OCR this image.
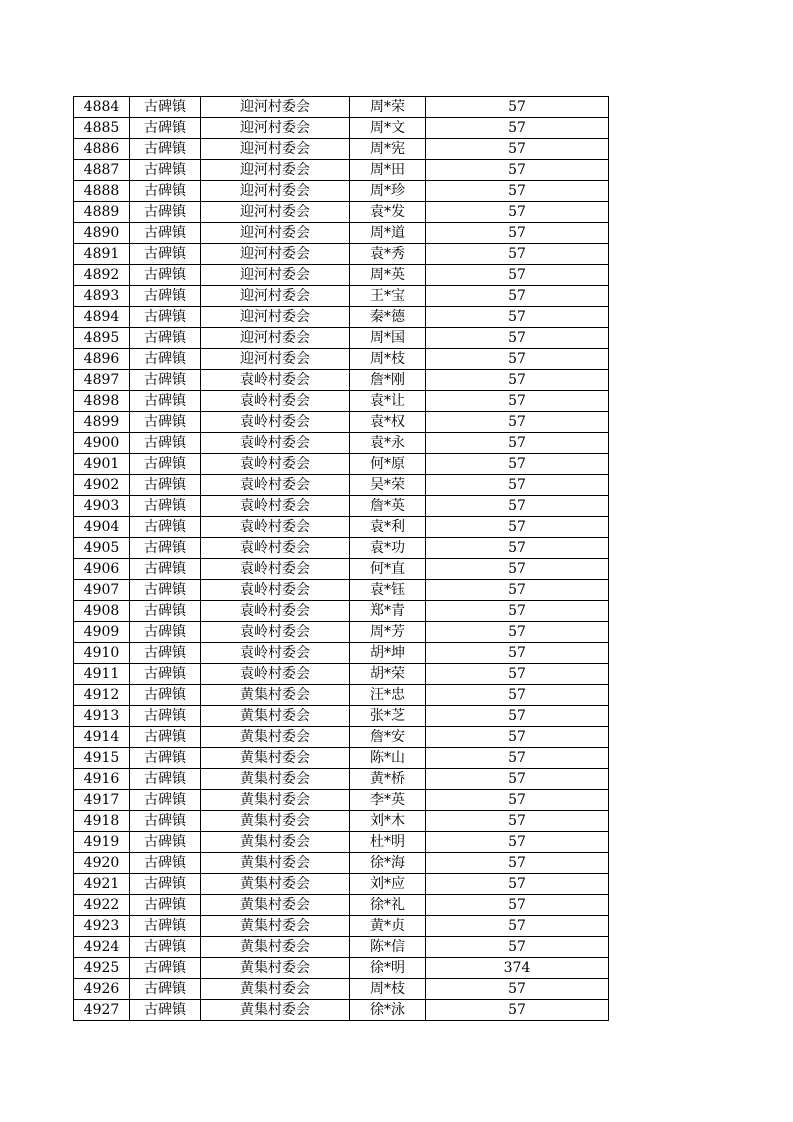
4884	古碑镇	迎河村委会	周*荣	57
4885	古碑镇	迎河村委会	周*文	57
4886	古碑镇	迎河村委会	周*宪	57
4887	古碑镇	迎河村委会	周*田	57
4888	古碑镇	迎河村委会	周*珍	57
4889	古碑镇	迎河村委会	袁*发	57
4890	古碑镇	迎河村委会	周*道	57
4891	古碑镇	迎河村委会	袁*秀	57
4892	古碑镇	迎河村委会	周*英	57
4893	古碑镇	迎河村委会	王*宝	57
4894	古碑镇	迎河村委会	秦*德	57
4895	古碑镇	迎河村委会	周*国	57
4896	古碑镇	迎河村委会	周*枝	57
4897	古碑镇	袁岭村委会	詹*刚	57
4898	古碑镇	袁岭村委会	袁*让	57
4899	古碑镇	袁岭村委会	袁*权	57
4900	古碑镇	袁岭村委会	袁*永	57
4901	古碑镇	袁岭村委会	何*原	57
4902	古碑镇	袁岭村委会	吴*荣	57
4903	古碑镇	袁岭村委会	詹*英	57
4904	古碑镇	袁岭村委会	袁*利	57
4905	古碑镇	袁岭村委会	袁*功	57
4906	古碑镇	袁岭村委会	何*直	57
4907	古碑镇	袁岭村委会	袁*钰	57
4908	古碑镇	袁岭村委会	郑*青	57
4909	古碑镇	袁岭村委会	周*芳	57
4910	古碑镇	袁岭村委会	胡*坤	57
4911	古碑镇	袁岭村委会	胡*荣	57
4912	古碑镇	黄集村委会	汪*忠	57
4913	古碑镇	黄集村委会	张*芝	57
4914	古碑镇	黄集村委会	詹*安	57
4915	古碑镇	黄集村委会	陈*山	57
4916	古碑镇	黄集村委会	黄*桥	57
4917	古碑镇	黄集村委会	李*英	57
4918	古碑镇	黄集村委会	刘*木	57
4919	古碑镇	黄集村委会	杜*明	57
4920	古碑镇	黄集村委会	徐*海	57
4921	古碑镇	黄集村委会	刘*应	57
4922	古碑镇	黄集村委会	徐*礼	57
4923	古碑镇	黄集村委会	黄*贞	57
4924	古碑镇	黄集村委会	陈*信	57
4925	古碑镇	黄集村委会	徐*明	374
4926	古碑镇	黄集村委会	周*枝	57
4927	古碑镇	黄集村委会	徐*泳	57
